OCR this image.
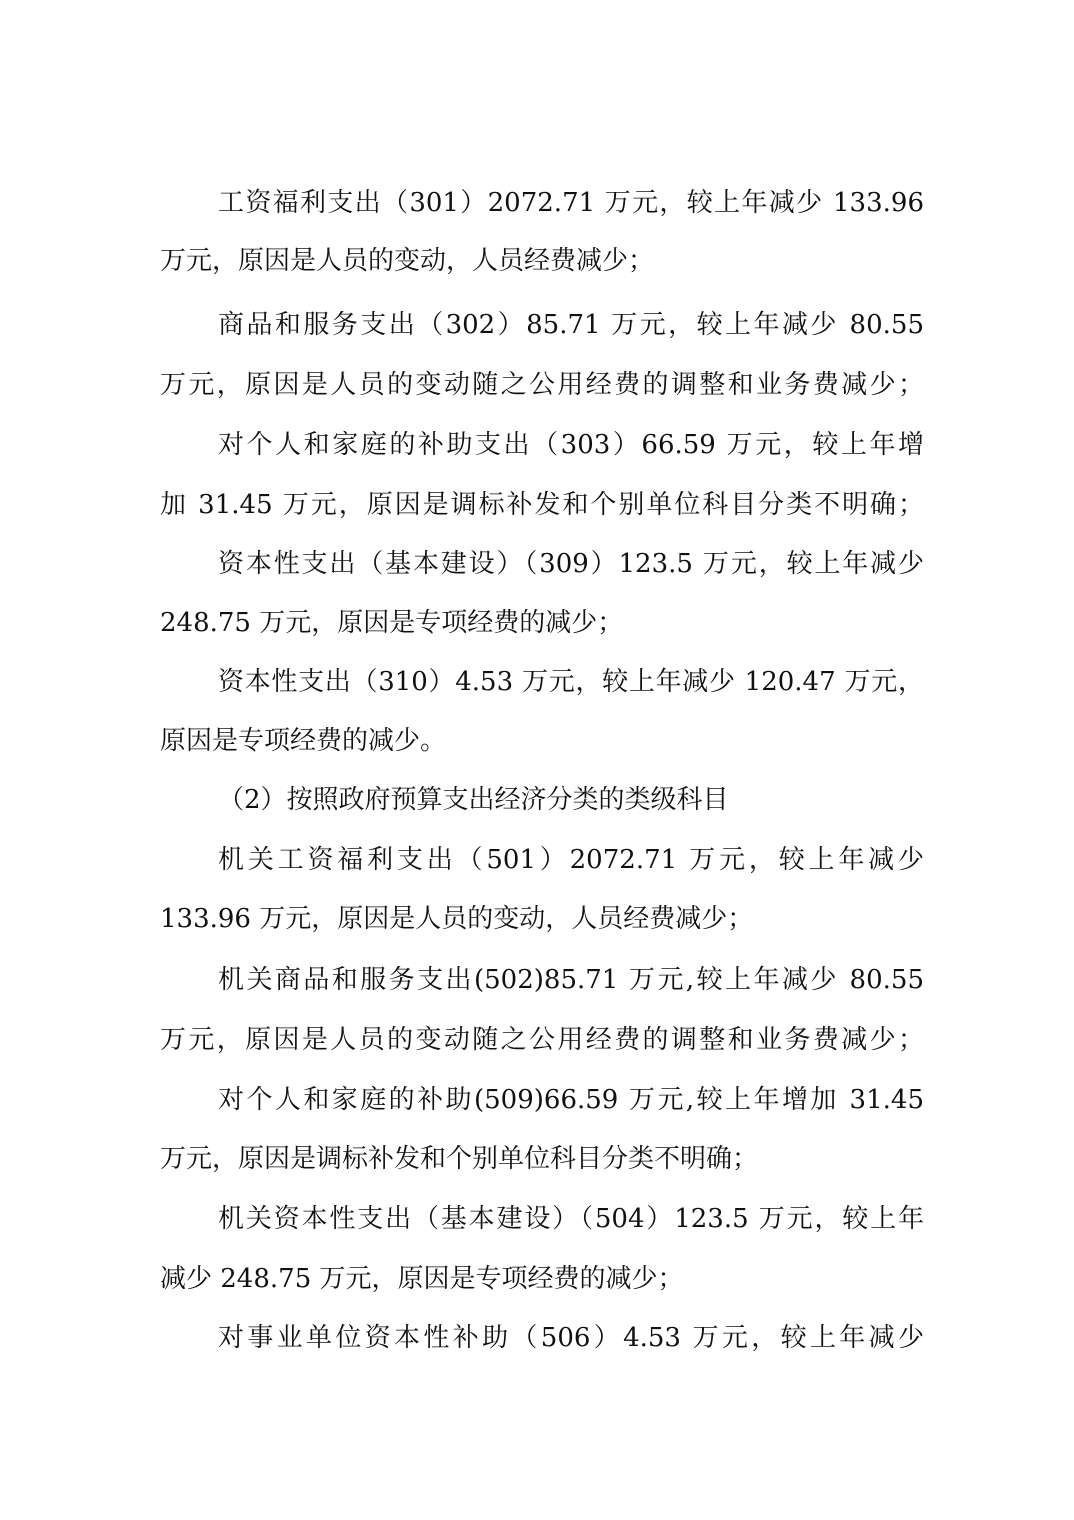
工资福利支出（301）2072.71 万元，较上年减少 133.96
万元，原因是人员的变动，人员经费减少；
商品和服务支出（302）85.71 万元，较上年减少 80.55
万元，原因是人员的变动随之公用经费的调整和业务费减少；
对个人和家庭的补助支出（303）66.59 万元，较上年增
加 31.45 万元，原因是调标补发和个别单位科目分类不明确；
资本性支出（基本建设）（309）123.5 万元，较上年减少
248.75 万元，原因是专项经费的减少；
资本性支出（310）4.53 万元，较上年减少 120.47 万元，
原因是专项经费的减少。
（2）按照政府预算支出经济分类的类级科目
机关工资福利支出（501）2072.71 万元，较上年减少
133.96 万元，原因是人员的变动，人员经费减少；
机关商品和服务支出(502)85.71 万元,较上年减少 80.55
万元，原因是人员的变动随之公用经费的调整和业务费减少；
对个人和家庭的补助(509)66.59 万元,较上年增加 31.45
万元，原因是调标补发和个别单位科目分类不明确；
机关资本性支出（基本建设）（504）123.5 万元，较上年
减少 248.75 万元，原因是专项经费的减少；
对事业单位资本性补助（506）4.53 万元，较上年减少
